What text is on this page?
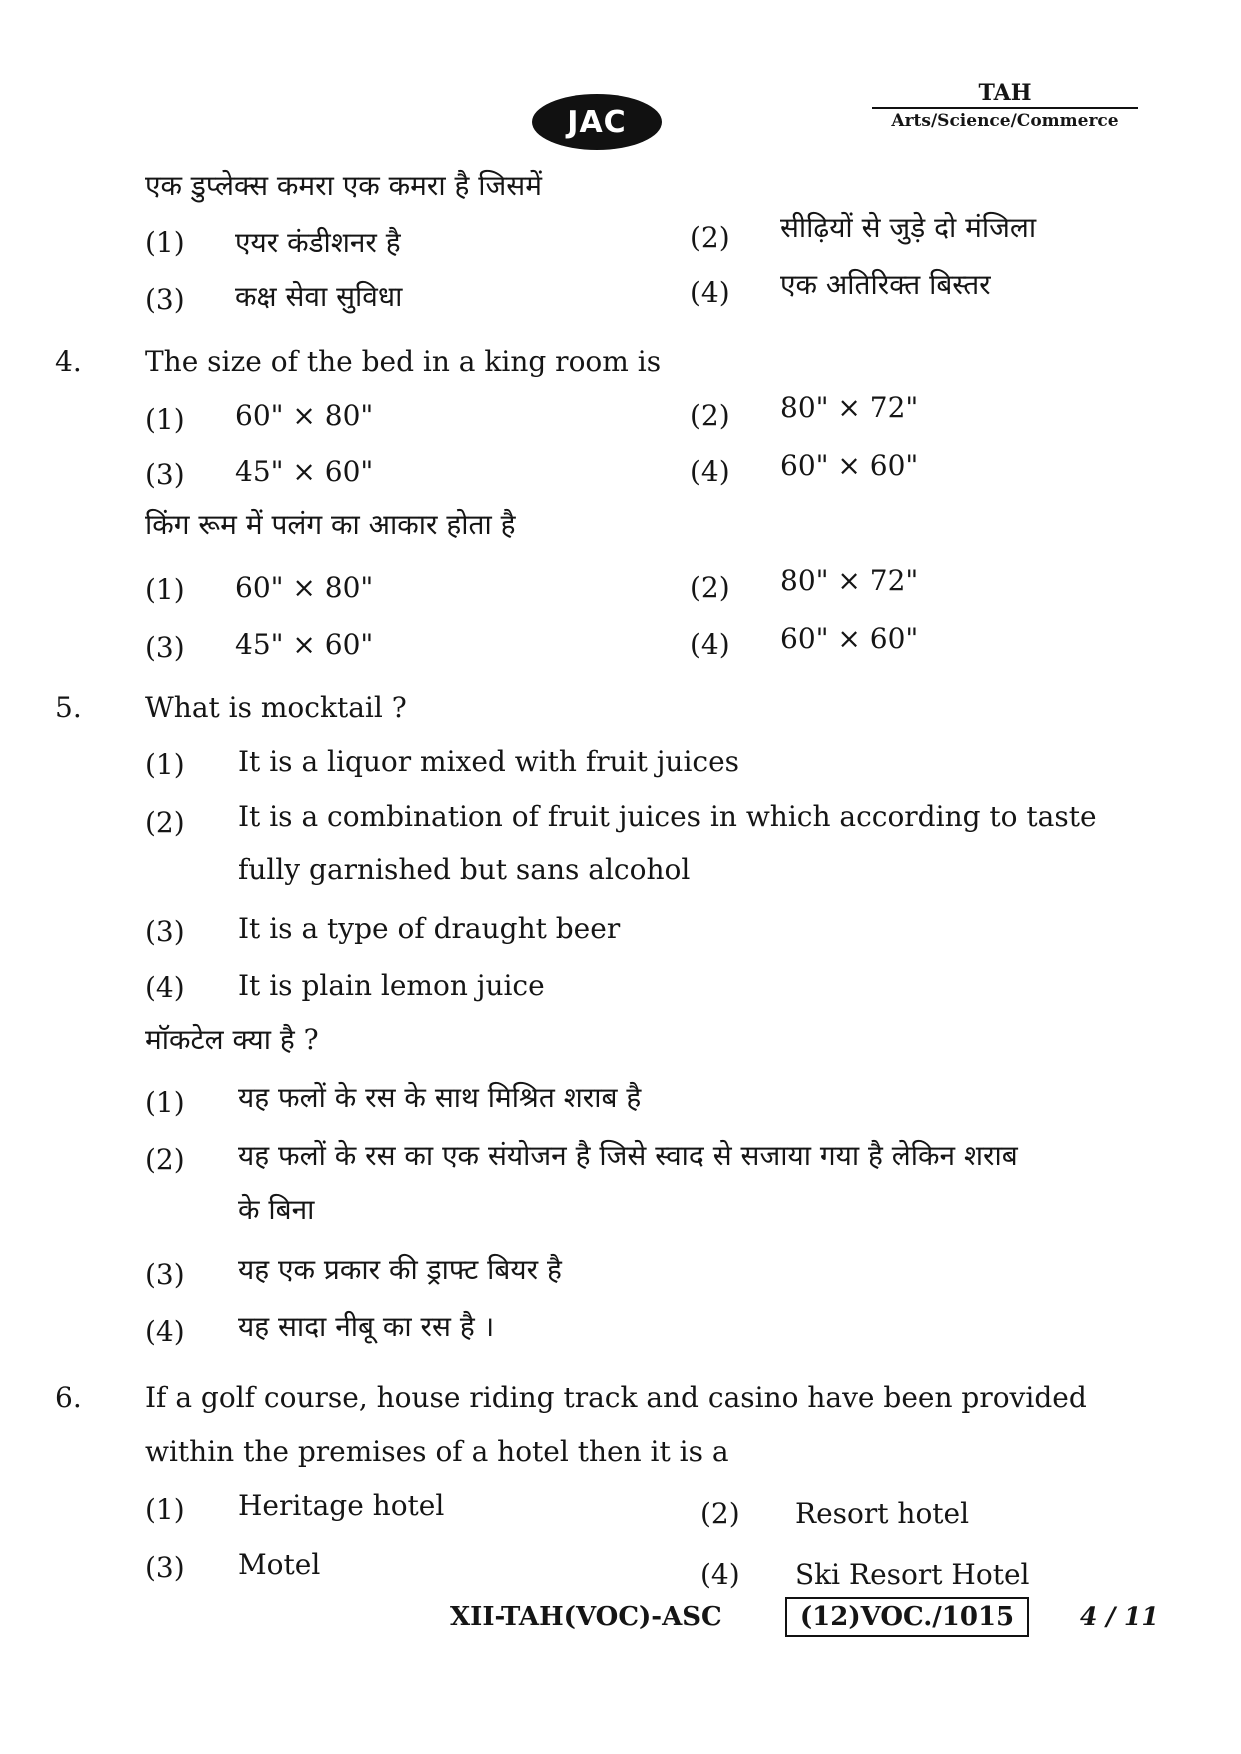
JAC
TAH
Arts/Science/Commerce
एक डुप्लेक्स कमरा एक कमरा है जिसमें
(1) एयर कंडीशनर है	(2) सीढ़ियों से जुड़े दो मंजिला
(3) कक्ष सेवा सुविधा	(4) एक अतिरिक्त बिस्तर
4. The size of the bed in a king room is
(1) 60" × 80"	(2) 80" × 72"
(3) 45" × 60"	(4) 60" × 60"
किंग रूम में पलंग का आकार होता है
(1) 60" × 80"	(2) 80" × 72"
(3) 45" × 60"	(4) 60" × 60"
5. What is mocktail ?
(1) It is a liquor mixed with fruit juices
(2) It is a combination of fruit juices in which according to taste
fully garnished but sans alcohol
(3) It is a type of draught beer
(4) It is plain lemon juice
मॉकटेल क्या है ?
(1) यह फलों के रस के साथ मिश्रित शराब है
(2) यह फलों के रस का एक संयोजन है जिसे स्वाद से सजाया गया है लेकिन शराब
के बिना
(3) यह एक प्रकार की ड्राफ्ट बियर है
(4) यह सादा नीबू का रस है ।
6. If a golf course, house riding track and casino have been provided
within the premises of a hotel then it is a
(1) Heritage hotel	(2) Resort hotel
(3) Motel	(4) Ski Resort Hotel
XII-TAH(VOC)-ASC	(12)VOC./1015	4 / 11
